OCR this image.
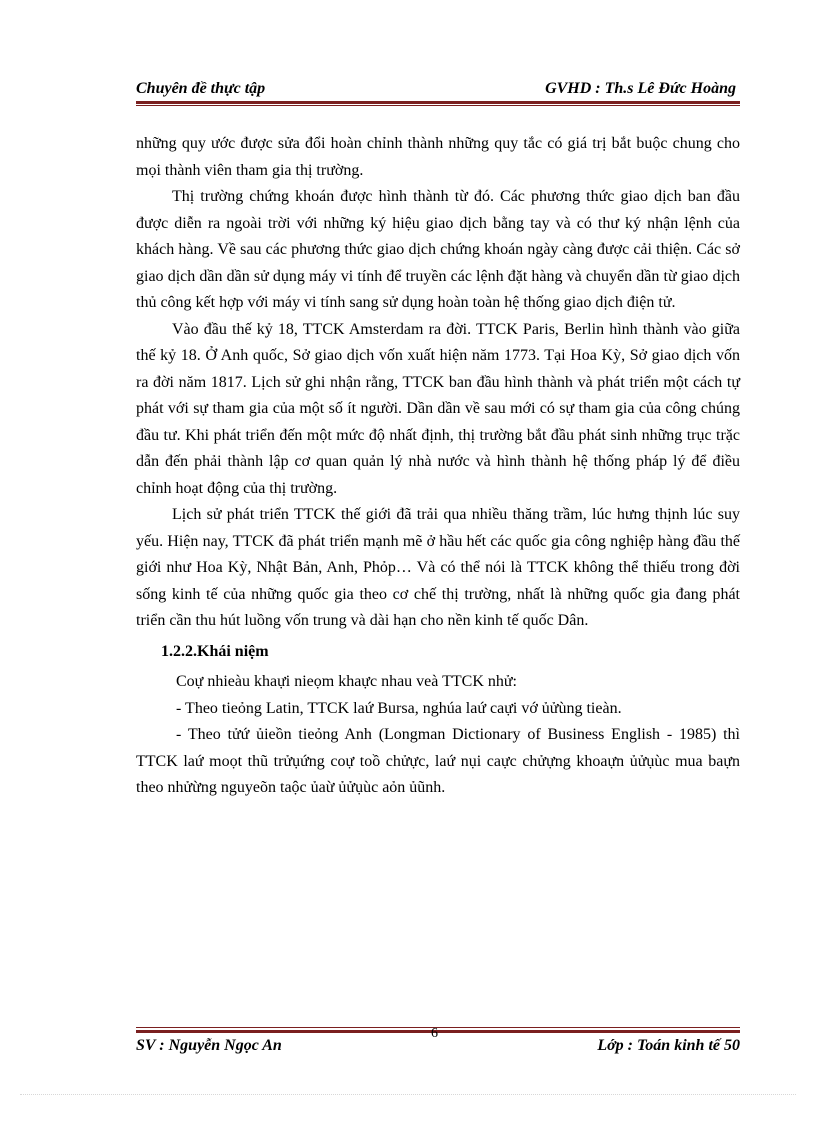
Chuyên đề thực tập	GVHD : Th.s Lê Đức Hoàng

những quy ước được sửa đổi hoàn chỉnh thành những quy tắc có giá trị bắt buộc chung cho mọi thành viên tham gia thị trường.

Thị trường chứng khoán được hình thành từ đó. Các phương thức giao dịch ban đầu được diễn ra ngoài trời với những ký hiệu giao dịch bằng tay và có thư ký nhận lệnh của khách hàng. Về sau các phương thức giao dịch chứng khoán ngày càng được cải thiện. Các sở giao dịch dần dần sử dụng máy vi tính để truyền các lệnh đặt hàng và chuyển dần từ giao dịch thủ công kết hợp với máy vi tính sang sử dụng hoàn toàn hệ thống giao dịch điện tử.

Vào đầu thế kỷ 18, TTCK Amsterdam ra đời. TTCK Paris, Berlin hình thành vào giữa thế kỷ 18. Ở Anh quốc, Sở giao dịch vốn xuất hiện năm 1773. Tại Hoa Kỳ, Sở giao dịch vốn ra đời năm 1817. Lịch sử ghi nhận rằng, TTCK ban đầu hình thành và phát triển một cách tự phát với sự tham gia của một số ít người. Dần dần về sau mới có sự tham gia của công chúng đầu tư. Khi phát triển đến một mức độ nhất định, thị trường bắt đầu phát sinh những trục trặc dẫn đến phải thành lập cơ quan quản lý nhà nước và hình thành hệ thống pháp lý để điều chỉnh hoạt động của thị trường.

Lịch sử phát triển TTCK thế giới đã trải qua nhiều thăng trầm, lúc hưng thịnh lúc suy yếu. Hiện nay, TTCK đã phát triển mạnh mẽ ở hầu hết các quốc gia công nghiệp hàng đầu thế giới như Hoa Kỳ, Nhật Bản, Anh, Phỏp… Và có thể nói là TTCK không thể thiếu trong đời sống kinh tế của những quốc gia theo cơ chế thị trường, nhất là những quốc gia đang phát triển cần thu hút luồng vốn trung và dài hạn cho nền kinh tế quốc Dân.

1.2.2.Khái niệm

Coự nhieàu khaựi nieọm khaực nhau veà TTCK nhử:

- Theo tieỏng Latin, TTCK laứ Bursa, nghúa laứ caựi vớ ủửùng tieàn.

- Theo tửứ ủieồn tieỏng Anh (Longman Dictionary of Business English - 1985) thì TTCK laứ moọt thũ trửụứng coự toồ chửực, laứ nụi caực chửựng khoaựn ủửụùc mua baựn theo nhửừng nguyeõn taộc ủaừ ủửụùc aỏn ủũnh.

6
SV : Nguyễn Ngọc An	Lớp : Toán kinh tế 50
